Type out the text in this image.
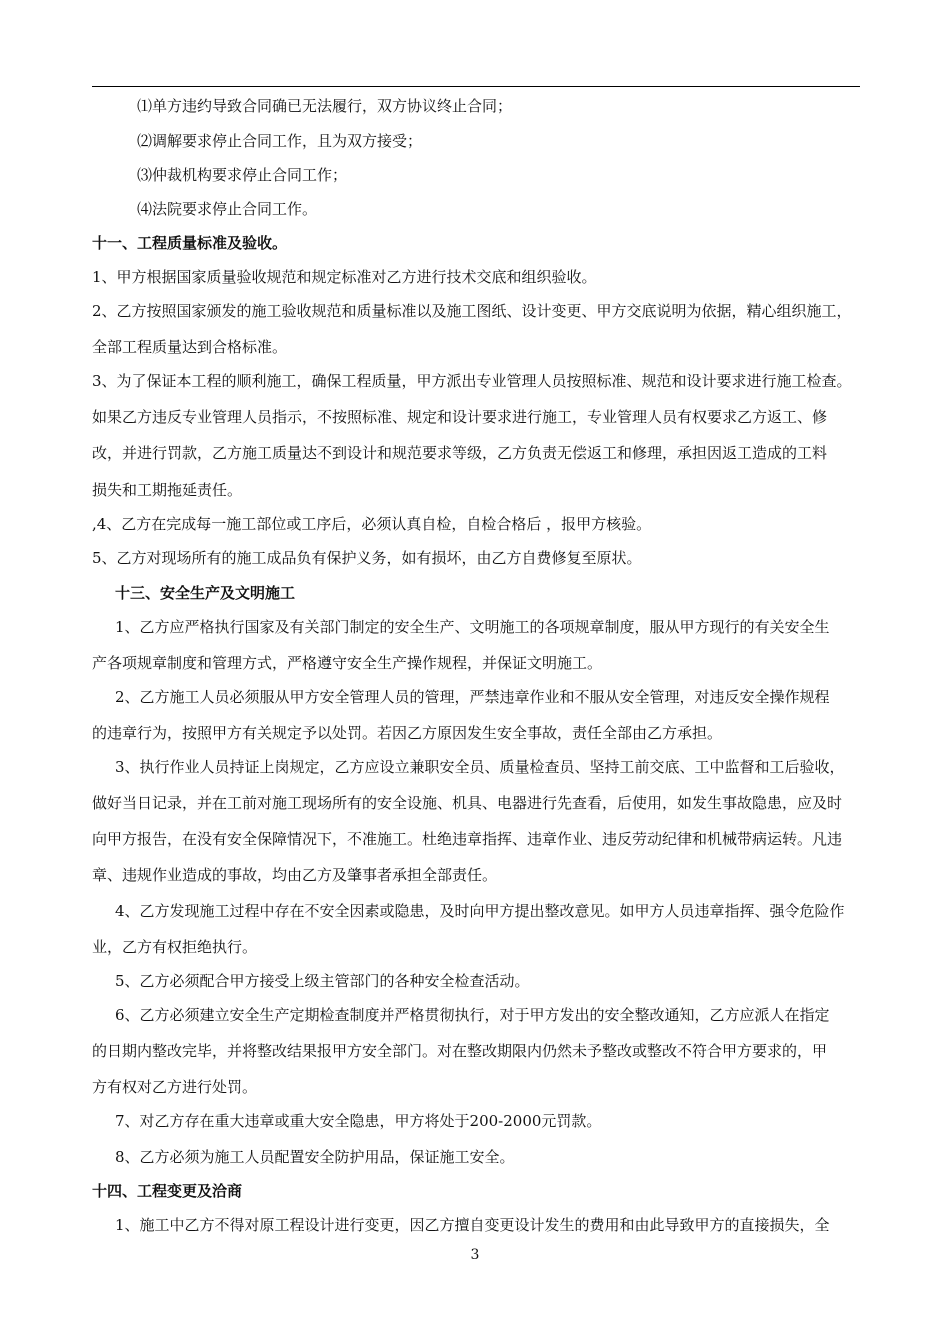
⑴单方违约导致合同确已无法履行，双方协议终止合同；
⑵调解要求停止合同工作，且为双方接受；
⑶仲裁机构要求停止合同工作；
⑷法院要求停止合同工作。
十一、工程质量标准及验收。
1、甲方根据国家质量验收规范和规定标准对乙方进行技术交底和组织验收。
2、乙方按照国家颁发的施工验收规范和质量标准以及施工图纸、设计变更、甲方交底说明为依据，精心组织施工，
全部工程质量达到合格标准。
3、为了保证本工程的顺利施工，确保工程质量，甲方派出专业管理人员按照标准、规范和设计要求进行施工检查。
如果乙方违反专业管理人员指示，不按照标准、规定和设计要求进行施工，专业管理人员有权要求乙方返工、修
改，并进行罚款，乙方施工质量达不到设计和规范要求等级，乙方负责无偿返工和修理，承担因返工造成的工料
损失和工期拖延责任。
,4、乙方在完成每一施工部位或工序后，必须认真自检，自检合格后 ，报甲方核验。
5、乙方对现场所有的施工成品负有保护义务，如有损坏，由乙方自费修复至原状。
十三、安全生产及文明施工
1、乙方应严格执行国家及有关部门制定的安全生产、文明施工的各项规章制度，服从甲方现行的有关安全生
产各项规章制度和管理方式，严格遵守安全生产操作规程，并保证文明施工。
2、乙方施工人员必须服从甲方安全管理人员的管理，严禁违章作业和不服从安全管理，对违反安全操作规程
的违章行为，按照甲方有关规定予以处罚。若因乙方原因发生安全事故，责任全部由乙方承担。
3、执行作业人员持证上岗规定，乙方应设立兼职安全员、质量检查员、坚持工前交底、工中监督和工后验收，
做好当日记录，并在工前对施工现场所有的安全设施、机具、电器进行先查看，后使用，如发生事故隐患，应及时
向甲方报告，在没有安全保障情况下，不准施工。杜绝违章指挥、违章作业、违反劳动纪律和机械带病运转。凡违
章、违规作业造成的事故，均由乙方及肇事者承担全部责任。
4、乙方发现施工过程中存在不安全因素或隐患，及时向甲方提出整改意见。如甲方人员违章指挥、强令危险作
业，乙方有权拒绝执行。
5、乙方必须配合甲方接受上级主管部门的各种安全检查活动。
6、乙方必须建立安全生产定期检查制度并严格贯彻执行，对于甲方发出的安全整改通知，乙方应派人在指定
的日期内整改完毕，并将整改结果报甲方安全部门。对在整改期限内仍然未予整改或整改不符合甲方要求的，甲
方有权对乙方进行处罚。
7、对乙方存在重大违章或重大安全隐患，甲方将处于200-2000元罚款。
8、乙方必须为施工人员配置安全防护用品，保证施工安全。
十四、工程变更及洽商
1、施工中乙方不得对原工程设计进行变更，因乙方擅自变更设计发生的费用和由此导致甲方的直接损失，全
3
